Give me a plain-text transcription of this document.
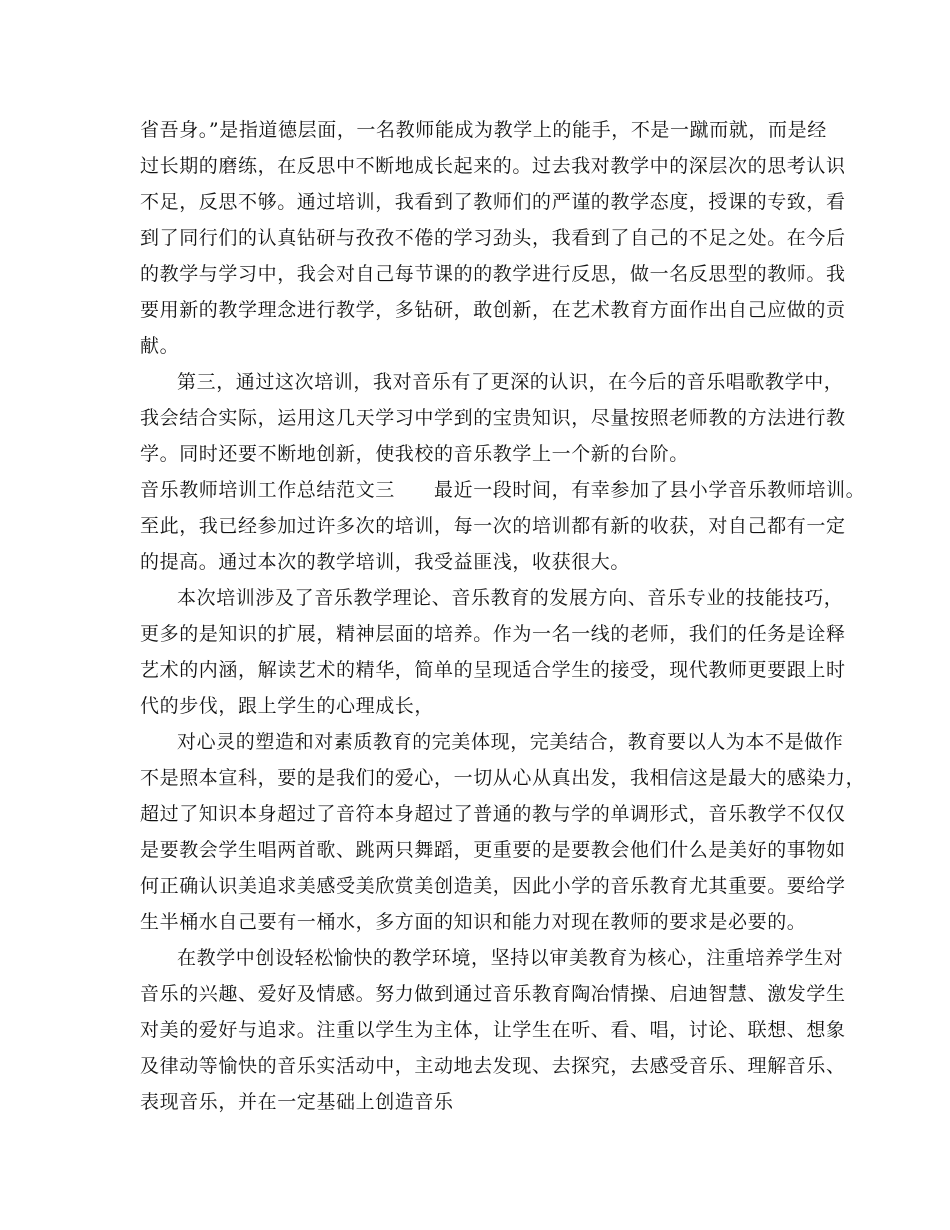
省吾身。”是指道德层面，一名教师能成为教学上的能手，不是一蹴而就，而是经
过长期的磨练，在反思中不断地成长起来的。过去我对教学中的深层次的思考认识
不足，反思不够。通过培训，我看到了教师们的严谨的教学态度，授课的专致，看
到了同行们的认真钻研与孜孜不倦的学习劲头，我看到了自己的不足之处。在今后
的教学与学习中，我会对自己每节课的的教学进行反思，做一名反思型的教师。我
要用新的教学理念进行教学，多钻研，敢创新，在艺术教育方面作出自己应做的贡
献。
第三，通过这次培训，我对音乐有了更深的认识，在今后的音乐唱歌教学中，
我会结合实际，运用这几天学习中学到的宝贵知识，尽量按照老师教的方法进行教
学。同时还要不断地创新，使我校的音乐教学上一个新的台阶。
音乐教师培训工作总结范文三　　最近一段时间，有幸参加了县小学音乐教师培训。
至此，我已经参加过许多次的培训，每一次的培训都有新的收获，对自己都有一定
的提高。通过本次的教学培训，我受益匪浅，收获很大。
本次培训涉及了音乐教学理论、音乐教育的发展方向、音乐专业的技能技巧，
更多的是知识的扩展，精神层面的培养。作为一名一线的老师，我们的任务是诠释
艺术的内涵，解读艺术的精华，简单的呈现适合学生的接受，现代教师更要跟上时
代的步伐，跟上学生的心理成长，
对心灵的塑造和对素质教育的完美体现，完美结合，教育要以人为本不是做作
不是照本宣科，要的是我们的爱心，一切从心从真出发，我相信这是最大的感染力，
超过了知识本身超过了音符本身超过了普通的教与学的单调形式，音乐教学不仅仅
是要教会学生唱两首歌、跳两只舞蹈，更重要的是要教会他们什么是美好的事物如
何正确认识美追求美感受美欣赏美创造美，因此小学的音乐教育尤其重要。要给学
生半桶水自己要有一桶水，多方面的知识和能力对现在教师的要求是必要的。
在教学中创设轻松愉快的教学环境，坚持以审美教育为核心，注重培养学生对
音乐的兴趣、爱好及情感。努力做到通过音乐教育陶冶情操、启迪智慧、激发学生
对美的爱好与追求。注重以学生为主体，让学生在听、看、唱，讨论、联想、想象
及律动等愉快的音乐实活动中，主动地去发现、去探究，去感受音乐、理解音乐、
表现音乐，并在一定基础上创造音乐
